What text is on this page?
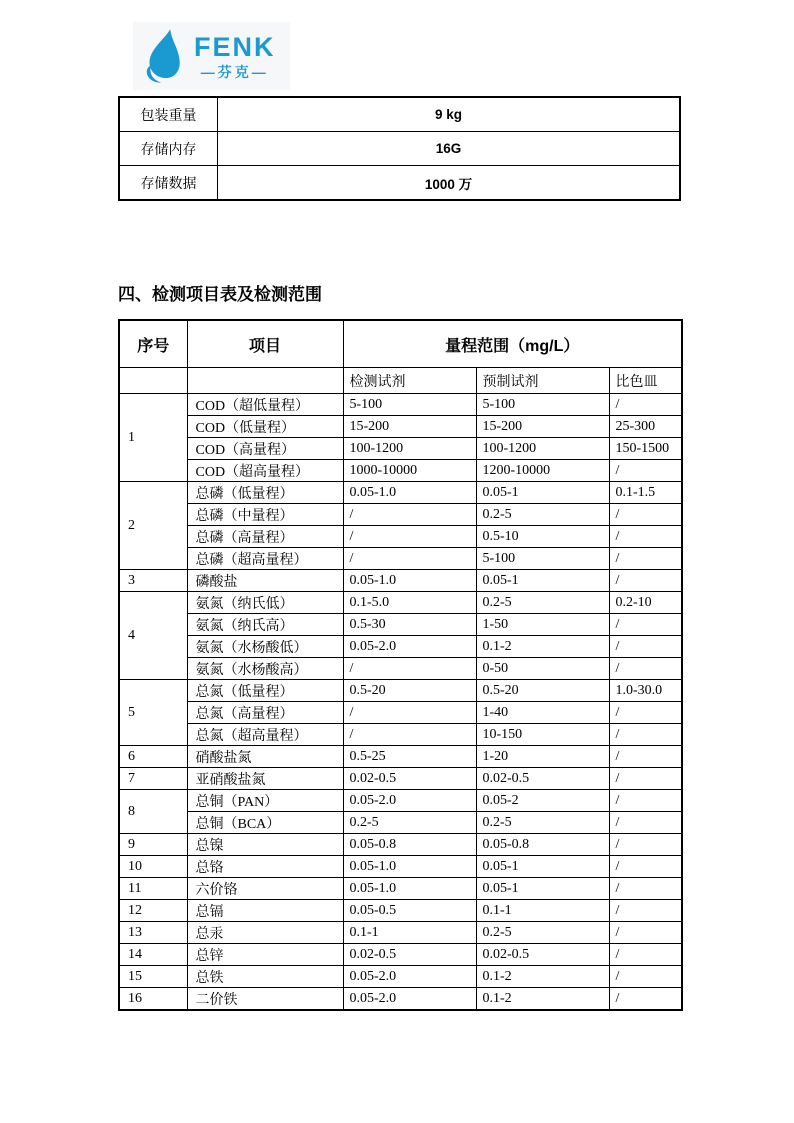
FENK
—芬克—
包装重量	9 kg
存储内存	16G
存储数据	1000 万
四、检测项目表及检测范围
序号	项目	量程范围（mg/L）		
		检测试剂	预制试剂	比色皿
1	COD（超低量程）	5-100	5-100	/
	COD（低量程）	15-200	15-200	25-300
	COD（高量程）	100-1200	100-1200	150-1500
	COD（超高量程）	1000-10000	1200-10000	/
2	总磷（低量程）	0.05-1.0	0.05-1	0.1-1.5
	总磷（中量程）	/	0.2-5	/
	总磷（高量程）	/	0.5-10	/
	总磷（超高量程）	/	5-100	/
3	磷酸盐	0.05-1.0	0.05-1	/
4	氨氮（纳氏低）	0.1-5.0	0.2-5	0.2-10
	氨氮（纳氏高）	0.5-30	1-50	/
	氨氮（水杨酸低）	0.05-2.0	0.1-2	/
	氨氮（水杨酸高）	/	0-50	/
5	总氮（低量程）	0.5-20	0.5-20	1.0-30.0
	总氮（高量程）	/	1-40	/
	总氮（超高量程）	/	10-150	/
6	硝酸盐氮	0.5-25	1-20	/
7	亚硝酸盐氮	0.02-0.5	0.02-0.5	/
8	总铜（PAN）	0.05-2.0	0.05-2	/
	总铜（BCA）	0.2-5	0.2-5	/
9	总镍	0.05-0.8	0.05-0.8	/
10	总铬	0.05-1.0	0.05-1	/
11	六价铬	0.05-1.0	0.05-1	/
12	总镉	0.05-0.5	0.1-1	/
13	总汞	0.1-1	0.2-5	/
14	总锌	0.02-0.5	0.02-0.5	/
15	总铁	0.05-2.0	0.1-2	/
16	二价铁	0.05-2.0	0.1-2	/
